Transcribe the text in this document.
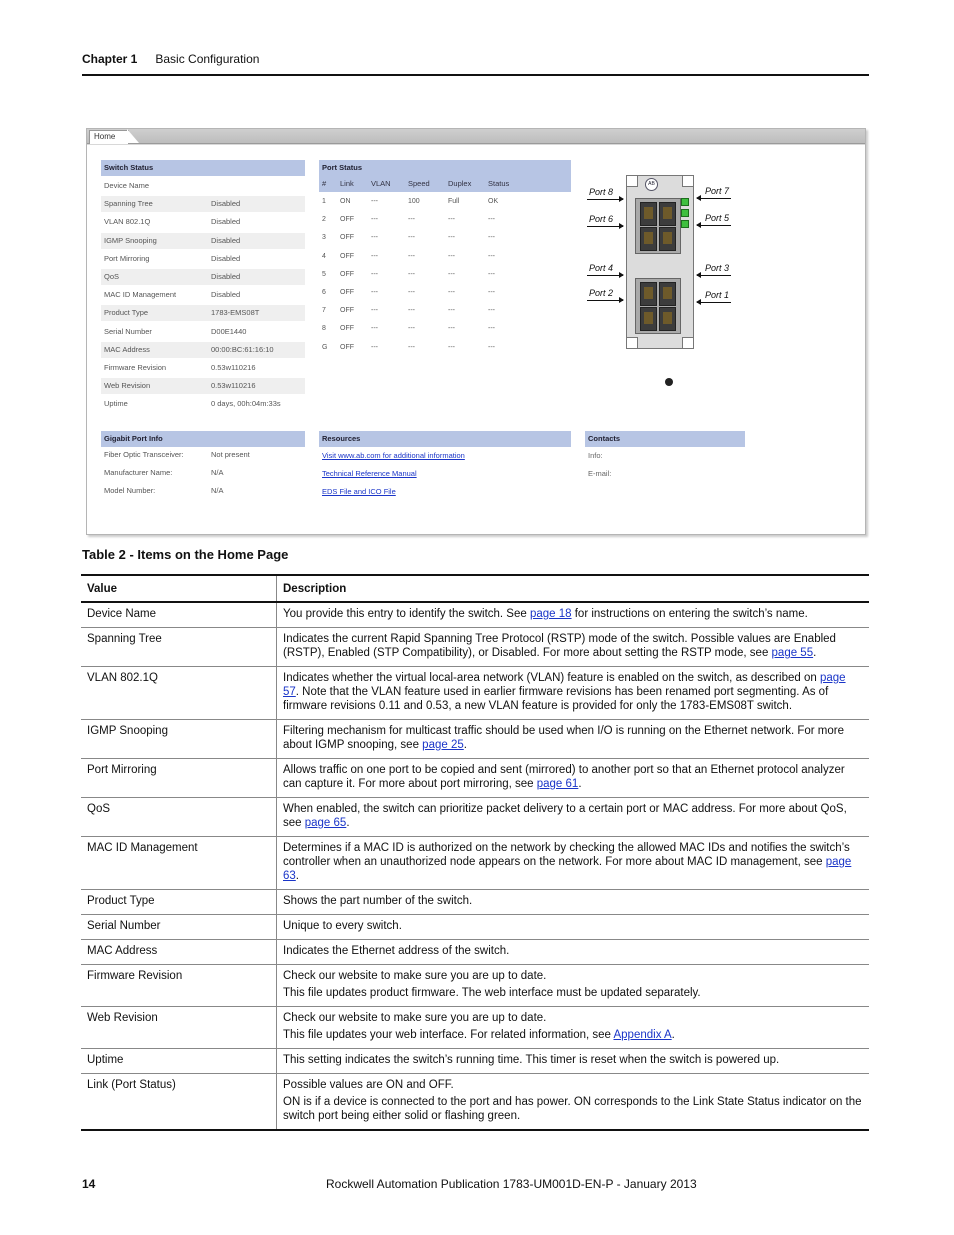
Chapter 1 Basic Configuration
Home
Switch Status
Device Name
Spanning Tree	Disabled
VLAN 802.1Q	Disabled
IGMP Snooping	Disabled
Port Mirroring	Disabled
QoS	Disabled
MAC ID Management	Disabled
Product Type	1783-EMS08T
Serial Number	D00E1440
MAC Address	00:00:BC:61:16:10
Firmware Revision	0.53w110216
Web Revision	0.53w110216
Uptime	0 days, 00h:04m:33s
Port Status
# Link VLAN Speed Duplex Status
1 ON	---	100	Full	OK
2 OFF ---	---	---	---
3 OFF ---	---	---	---
4 OFF ---	---	---	---
5 OFF ---	---	---	---
6 OFF ---	---	---	---
7 OFF ---	---	---	---
8 OFF ---	---	---	---
G OFF ---	---	---	---
AB
Port 8
Port 6
Port 4
Port 2
Port 7
Port 5
Port 3
Port 1
Gigabit Port Info
Fiber Optic Transceiver:	Not present
Manufacturer Name:	N/A
Model Number:	N/A
Resources
Visit www.ab.com for additional information
Technical Reference Manual
EDS File and ICO File
Contacts
Info:
E-mail:
Table 2 - Items on the Home Page
Value	Description
Device Name	You provide this entry to identify the switch. See page 18 for instructions on entering the switch’s name.

Spanning Tree	Indicates the current Rapid Spanning Tree Protocol (RSTP) mode of the switch. Possible values are Enabled (RSTP), Enabled (STP Compatibility), or Disabled. For more about setting the RSTP mode, see page 55.

VLAN 802.1Q	Indicates whether the virtual local-area network (VLAN) feature is enabled on the switch, as described on page 57. Note that the VLAN feature used in earlier firmware revisions has been renamed port segmenting. As of firmware revisions 0.11 and 0.53, a new VLAN feature is provided for only the 1783-EMS08T switch.

IGMP Snooping	Filtering mechanism for multicast traffic should be used when I/O is running on the Ethernet network. For more about IGMP snooping, see page 25.

Port Mirroring	Allows traffic on one port to be copied and sent (mirrored) to another port so that an Ethernet protocol analyzer can capture it. For more about port mirroring, see page 61.

QoS	When enabled, the switch can prioritize packet delivery to a certain port or MAC address. For more about QoS, see page 65.

MAC ID Management	Determines if a MAC ID is authorized on the network by checking the allowed MAC IDs and notifies the switch’s controller when an unauthorized node appears on the network. For more about MAC ID management, see page 63.

Product Type	Shows the part number of the switch.

Serial Number	Unique to every switch.

MAC Address	Indicates the Ethernet address of the switch.

Firmware Revision	Check our website to make sure you are up to date.
This file updates product firmware. The web interface must be updated separately.

Web Revision	Check our website to make sure you are up to date.
This file updates your web interface. For related information, see Appendix A.

Uptime	This setting indicates the switch’s running time. This timer is reset when the switch is powered up.

Link (Port Status)	Possible values are ON and OFF.
ON is if a device is connected to the port and has power. ON corresponds to the Link State Status indicator on the switch port being either solid or flashing green.
14	Rockwell Automation Publication 1783-UM001D-EN-P - January 2013
